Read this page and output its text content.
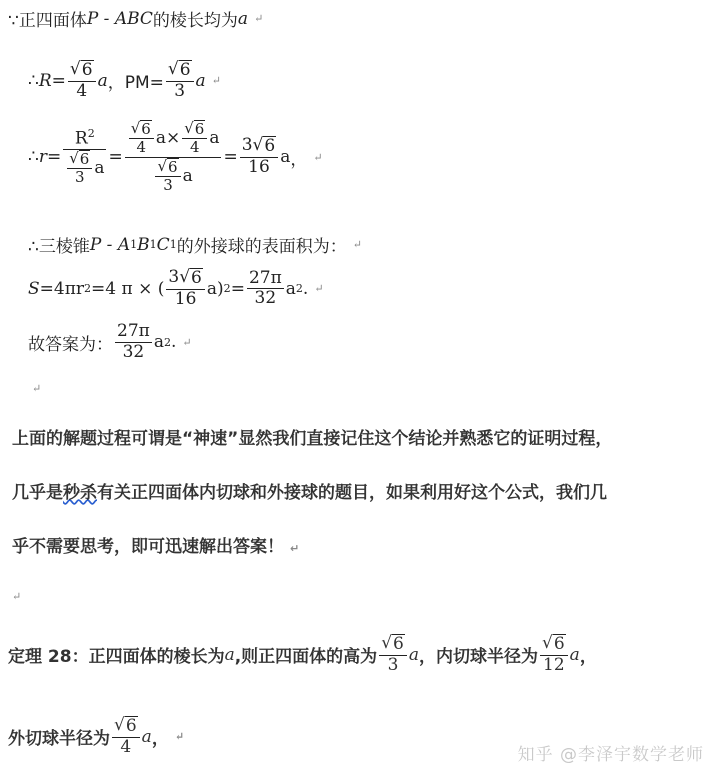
∵正四面体 P - ABC 的棱长均为 a ↵
∴ $R = \frac{√ 6}{4}$ a ，$PM= \frac{√ 6}{3}$ a ↵
∴ $r = \frac{R^2}{\frac{√ 6}{3} a}$ =
$\frac{√ 6}{4} a\times \frac{√ 6}{4}$ a
$\frac{√ 6}{3}$ a
= $\frac{3 √ 6}{16}$ a ， ↵
∴三棱锥 P - A 1 B 1 C 1 的外接球的表面积为： ↵
S =4πr 2 =4 π × ( $\frac{3 √ 6}{16}$ a ) $2 = \frac{27\pi}{32}$ a 2 . ↵
故答案为： $\frac{27\pi}{32}$ a 2 . ↵
↵
上面的解题过程可谓是“神速”显然我们直接记住这个结论并熟悉它的证明过程，
几乎是秒杀有关正四面体内切球和外接球的题目，如果利用好这个公式，我们几
乎不需要思考，即可迅速解出答案！ ↵
↵
定理 28： 正四面体的棱长为 a ,则正四面体的高为 $\frac{√ 6}{3}$ a ，内切球半径为 $\frac{√ 6}{12}$ a ，
外切球半径为 $\frac{√ 6}{4}$ a ， ↵
知乎 @李泽宇数学老师
